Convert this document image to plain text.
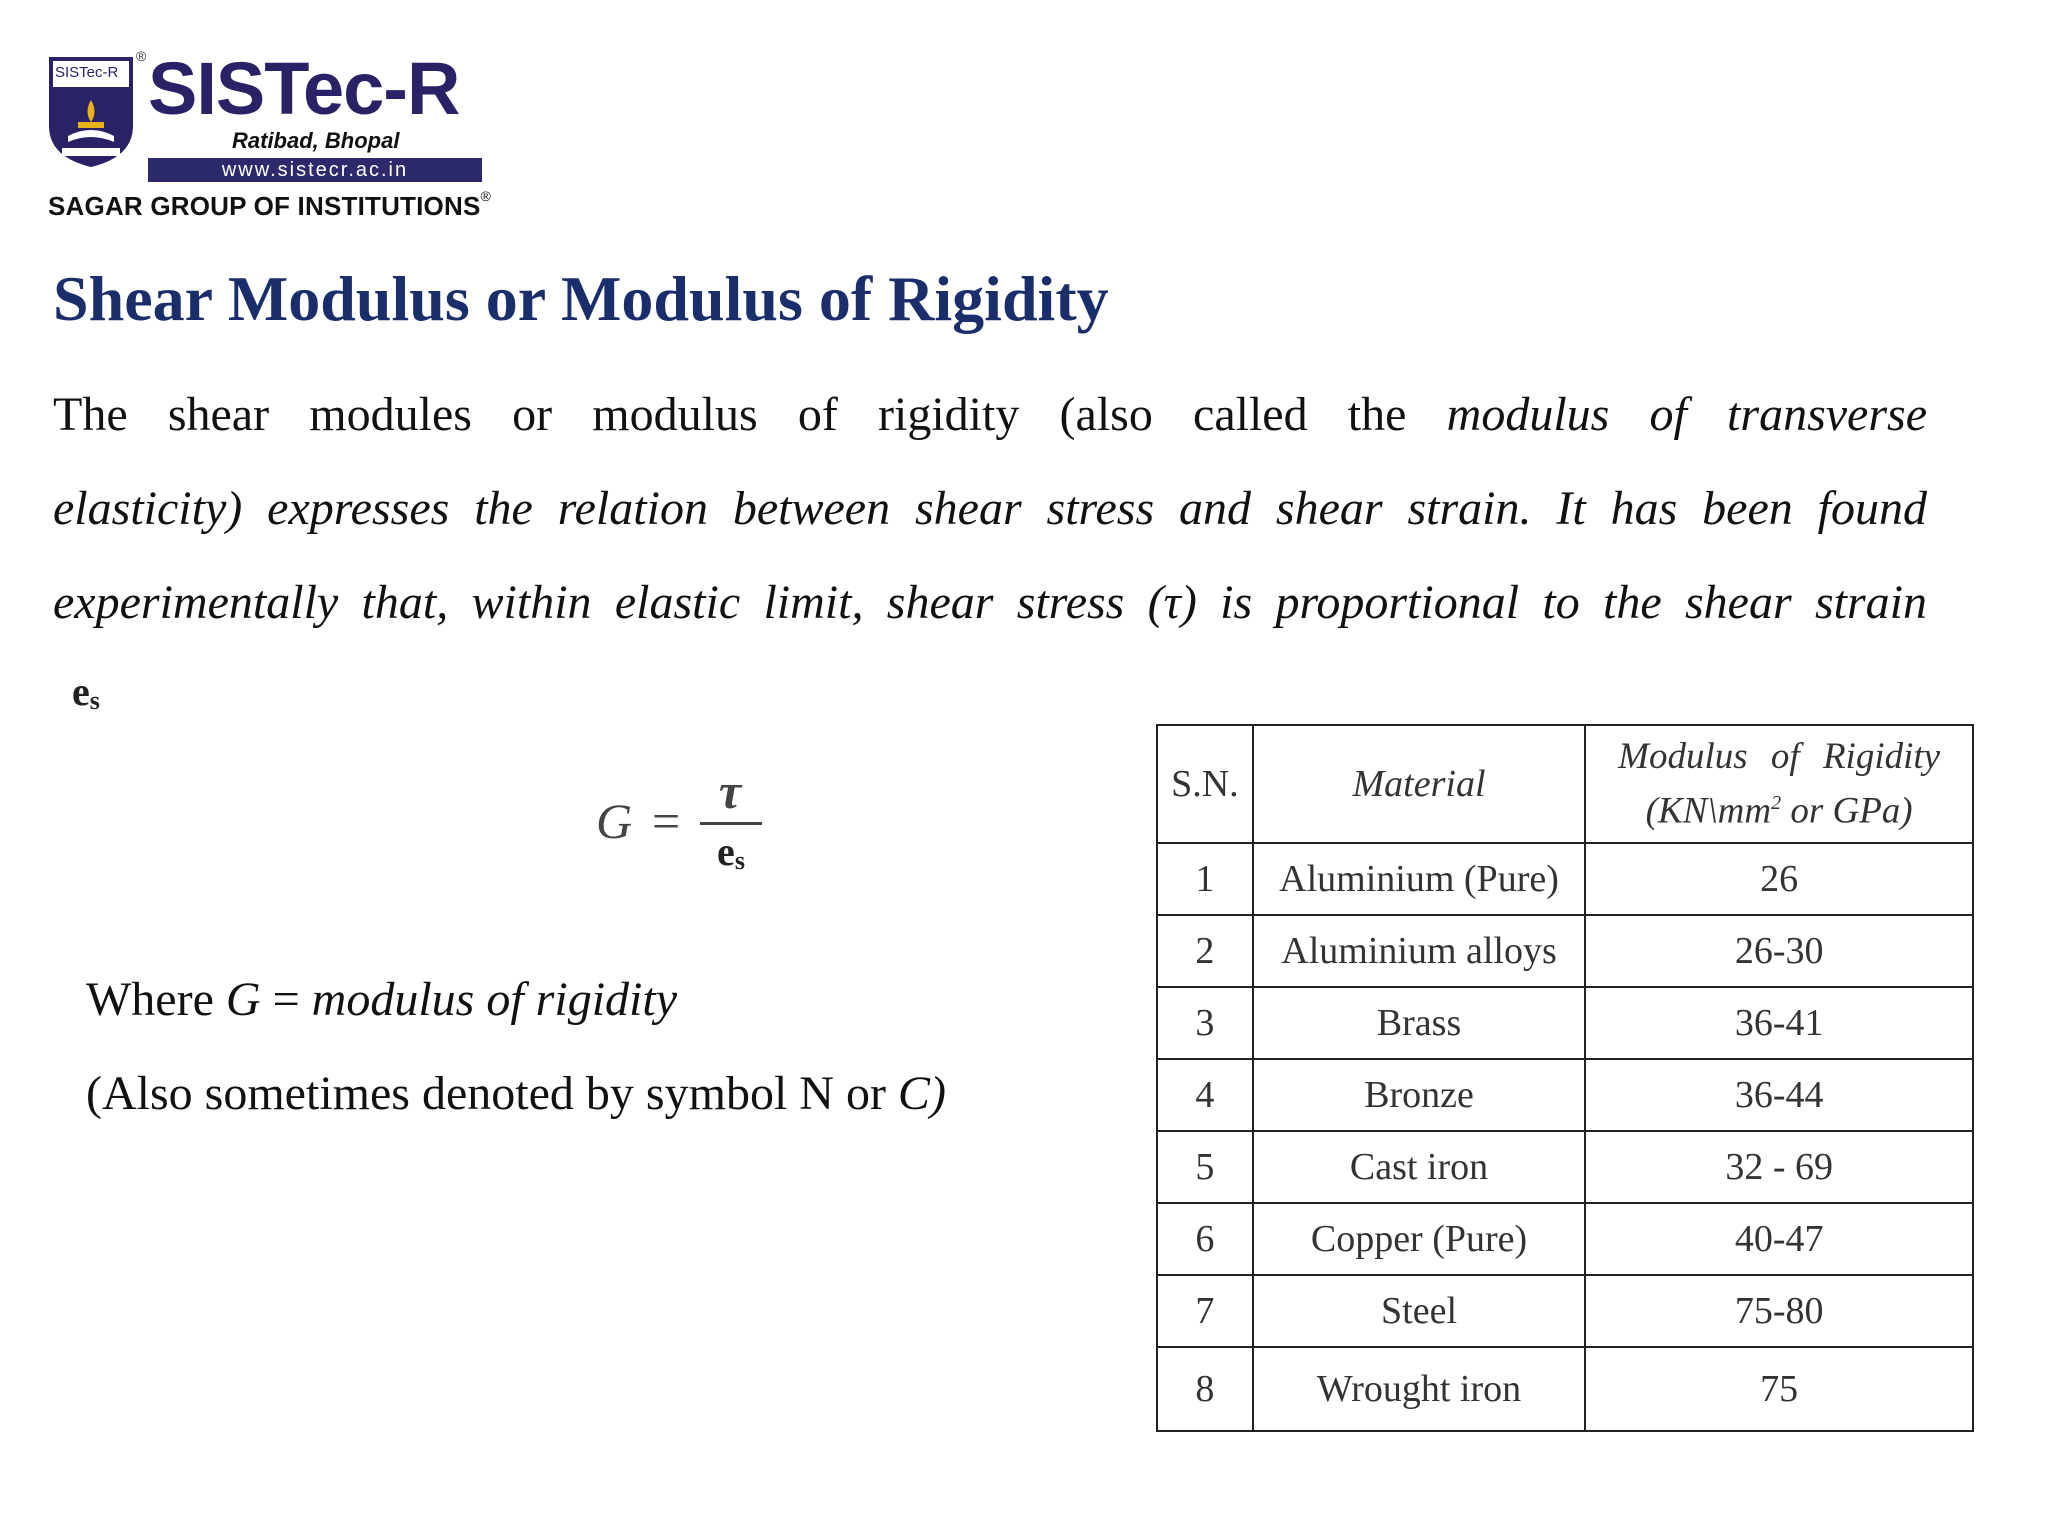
SISTec-R
® SISTec-R
Ratibad, Bhopal
www.sistecr.ac.in
SAGAR GROUP OF INSTITUTIONS®
Shear Modulus or Modulus of Rigidity
The shear modules or modulus of rigidity (also called the modulus of transverse
elasticity) expresses the relation between shear stress and shear strain. It has been found
experimentally that, within elastic limit, shear stress (τ) is proportional to the shear strain
$e_s$
G =
τ
$e_s$
Where G = modulus of rigidity
(Also sometimes denoted by symbol N or C)
S.N.	Material	Modulus of Rigidity
($KN\backslash mm^2$ or GPa)
1	Aluminium (Pure)	26
2	Aluminium alloys	26-30
3	Brass	36-41
4	Bronze	36-44
5	Cast iron	32 - 69
6	Copper (Pure)	40-47
7	Steel	75-80
8	Wrought iron	75
